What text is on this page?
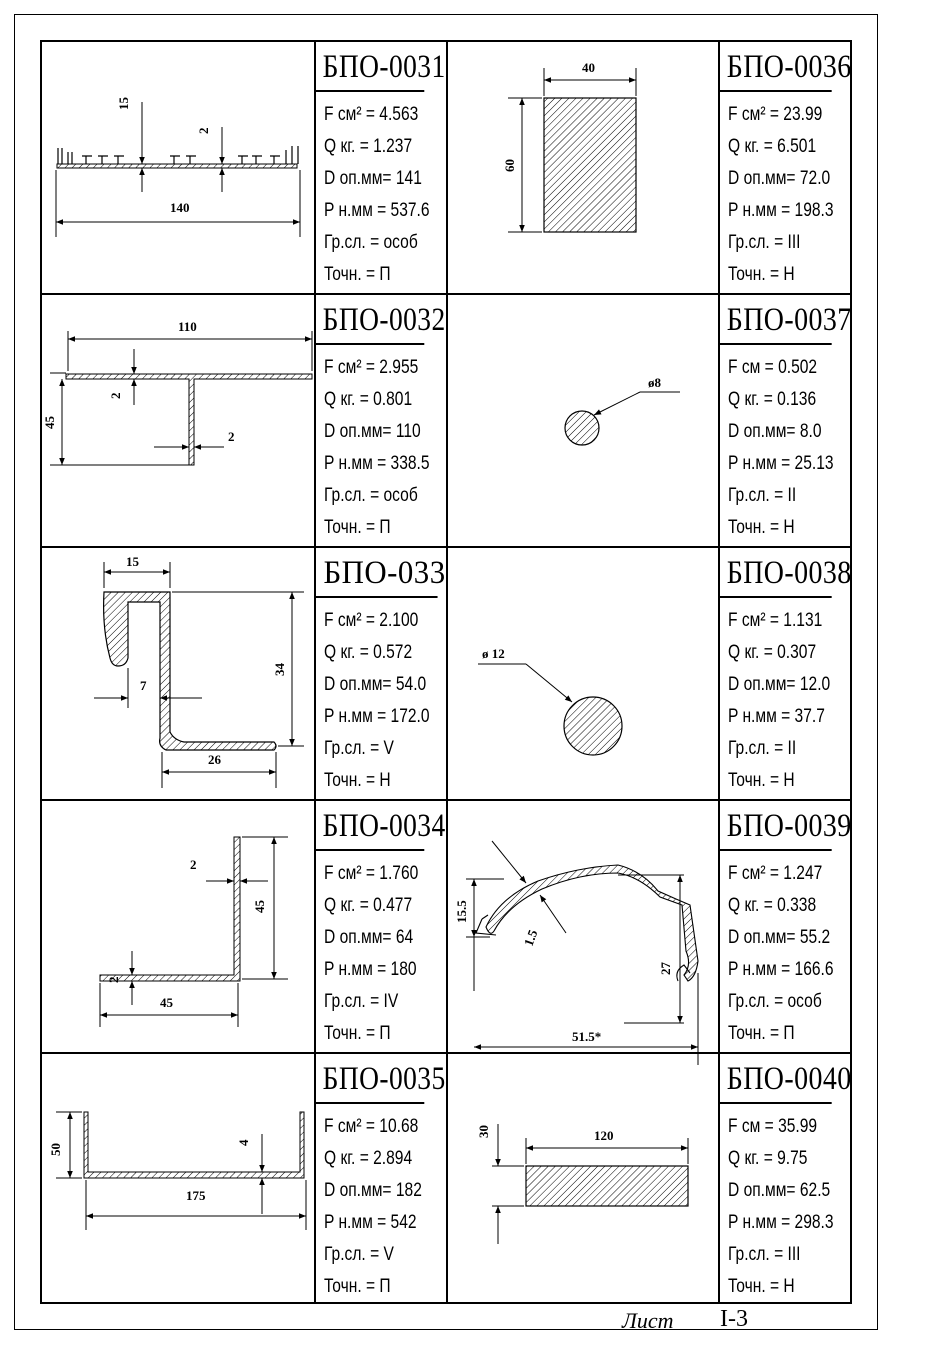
15
2
140
БПО-0031
F см² = 4.563
Q кг. = 1.237
D оп.мм= 141
P н.мм = 537.6
Гр.сл. = особ
Точн. = П
40
60
БПО-0036
F см² = 23.99
Q кг. = 6.501
D оп.мм= 72.0
P н.мм = 198.3
Гр.сл. = III
Точн. = Н
110
2
2
45
БПО-0032
F см² = 2.955
Q кг. = 0.801
D оп.мм= 110
P н.мм = 338.5
Гр.сл. = особ
Точн. = П
ø8
БПО-0037
F см = 0.502
Q кг. = 0.136
D оп.мм= 8.0
P н.мм = 25.13
Гр.сл. = II
Точн. = Н
15
34
7
26
БПО-033
F см² = 2.100
Q кг. = 0.572
D оп.мм= 54.0
P н.мм = 172.0
Гр.сл. = V
Точн. = Н
ø 12
БПО-0038
F см² = 1.131
Q кг. = 0.307
D оп.мм= 12.0
P н.мм = 37.7
Гр.сл. = II
Точн. = Н
45
2
2
45
БПО-0034
F см² = 1.760
Q кг. = 0.477
D оп.мм= 64
P н.мм = 180
Гр.сл. = IV
Точн. = П	51.5*
15.5
1.5
27
БПО-0039
F см² = 1.247
Q кг. = 0.338
D оп.мм= 55.2
P н.мм = 166.6
Гр.сл. = особ
Точн. = П
50
4
175
БПО-0035
F см² = 10.68
Q кг. = 2.894
D оп.мм= 182
P н.мм = 542
Гр.сл. = V
Точн. = П
120
30
БПО-0040
F см = 35.99
Q кг. = 9.75
D оп.мм= 62.5
P н.мм = 298.3
Гр.сл. = III
Точн. = Н
Лист I-3
